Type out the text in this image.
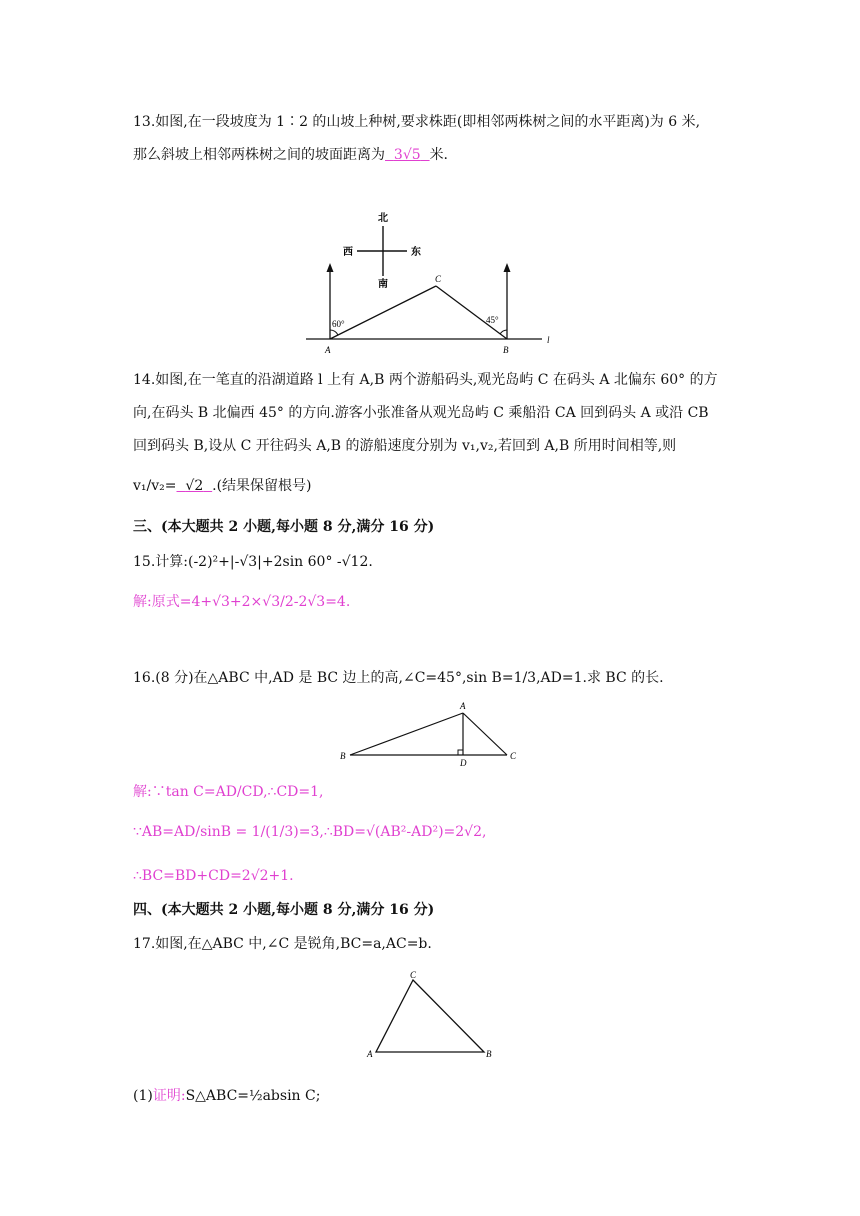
13.如图,在一段坡度为 1∶2 的山坡上种树,要求株距(即相邻两株树之间的水平距离)为 6 米,
那么斜坡上相邻两株树之间的坡面距离为 3√5 米.
北
南
东
西
60°	45°
A	B
C
l
14.如图,在一笔直的沿湖道路 l 上有 A,B 两个游船码头,观光岛屿 C 在码头 A 北偏东 60° 的方
向,在码头 B 北偏西 45° 的方向.游客小张准备从观光岛屿 C 乘船沿 CA 回到码头 A 或沿 CB
回到码头 B,设从 C 开往码头 A,B 的游船速度分别为 v₁,v₂,若回到 A,B 所用时间相等,则
v₁/v₂= √2 .(结果保留根号)
三、(本大题共 2 小题,每小题 8 分,满分 16 分)
15.计算:(-2)²+|-√3|+2sin 60° -√12.
解:原式=4+√3+2×√3/2-2√3=4.
16.(8 分)在△ABC 中,AD 是 BC 边上的高,∠C=45°,sin B=1/3,AD=1.求 BC 的长.
A
B	C
D
解:∵tan C=AD/CD,∴CD=1,
∵AB=AD/sinB = 1/(1/3)=3,∴BD=√(AB²-AD²)=2√2,
∴BC=BD+CD=2√2+1.
四、(本大题共 2 小题,每小题 8 分,满分 16 分)
17.如图,在△ABC 中,∠C 是锐角,BC=a,AC=b.
C
A	B
(1)证明:S△ABC=½absin C;
